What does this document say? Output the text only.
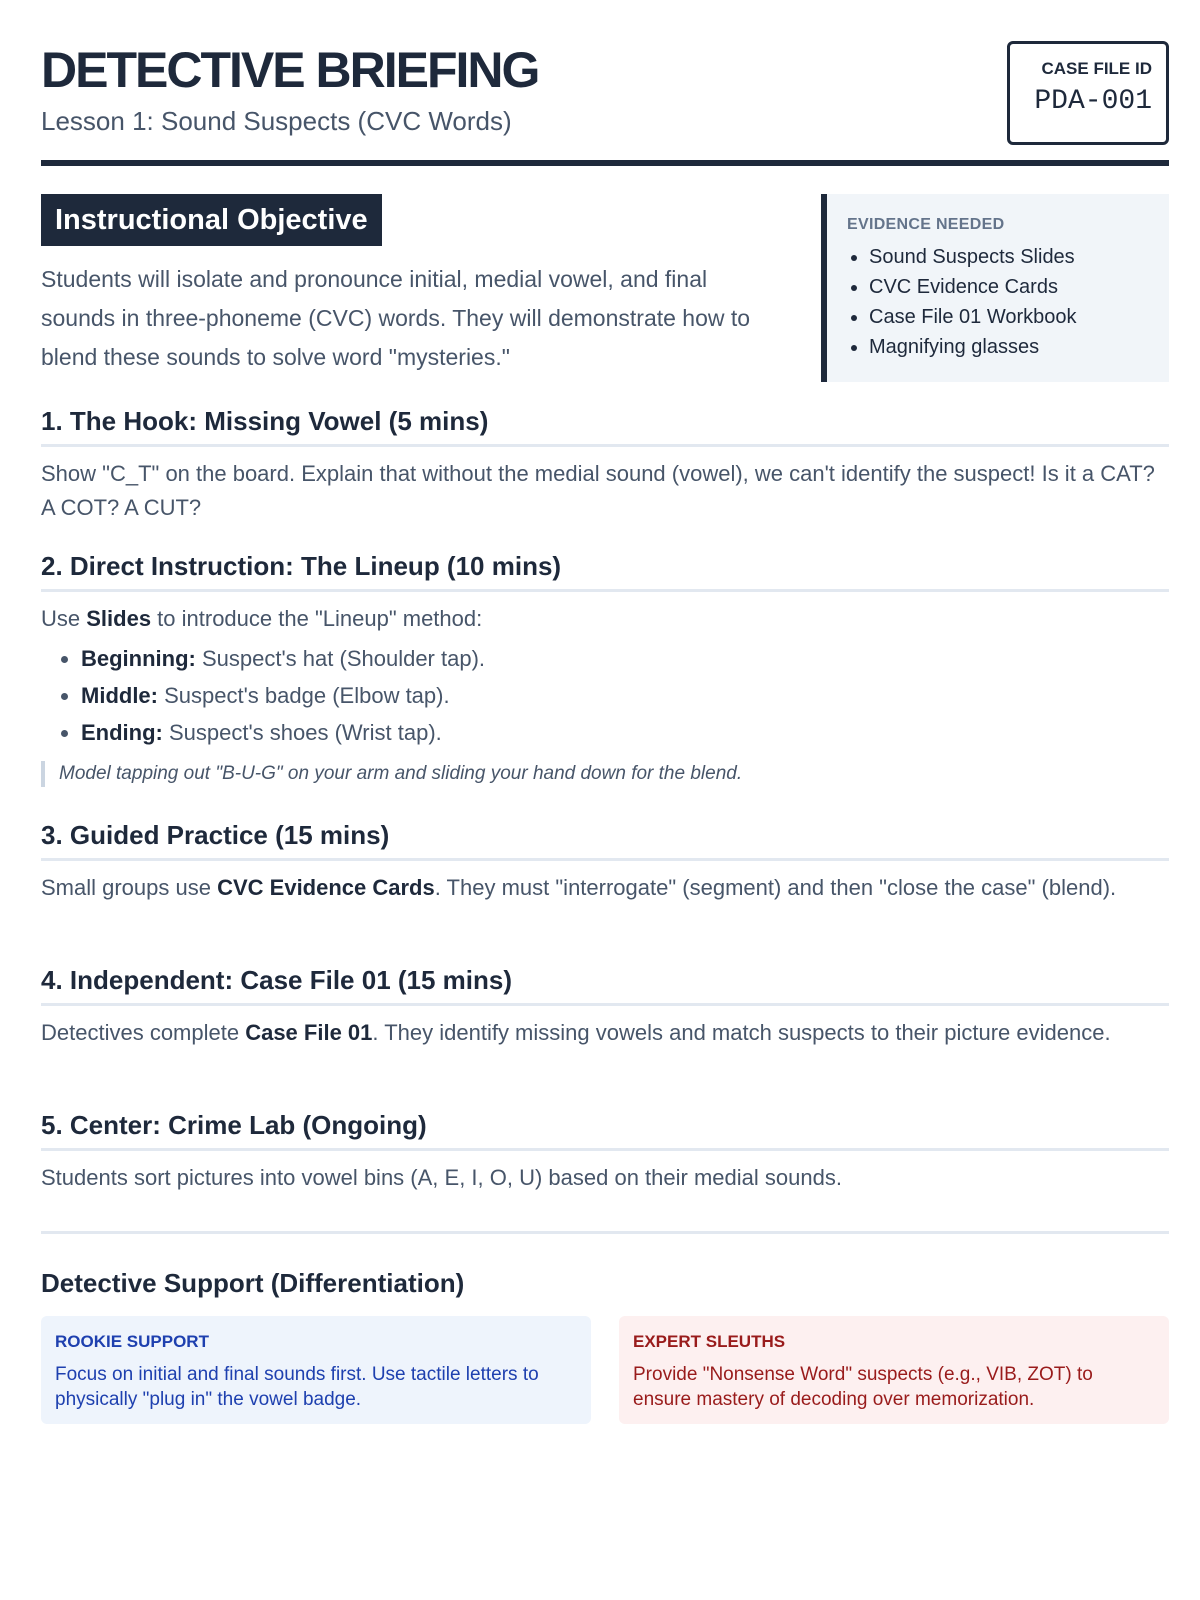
DETECTIVE BRIEFING

Lesson 1: Sound Suspects (CVC Words)

CASE FILE ID
PDA-001
Instructional Objective

Students will isolate and pronounce initial, medial vowel, and final sounds in three-phoneme (CVC) words. They will demonstrate how to blend these sounds to solve word "mysteries."

EVIDENCE NEEDED
• Sound Suspects Slides
• CVC Evidence Cards
• Case File 01 Workbook
• Magnifying glasses
1. The Hook: Missing Vowel (5 mins)

Show "C_T" on the board. Explain that without the medial sound (vowel), we can't identify the suspect! Is it a CAT? A COT? A CUT?

2. Direct Instruction: The Lineup (10 mins)

Use Slides to introduce the "Lineup" method:

• Beginning: Suspect's hat (Shoulder tap).
• Middle: Suspect's badge (Elbow tap).
• Ending: Suspect's shoes (Wrist tap).

Model tapping out "B-U-G" on your arm and sliding your hand down for the blend.

3. Guided Practice (15 mins)

Small groups use CVC Evidence Cards. They must "interrogate" (segment) and then "close the case" (blend).

4. Independent: Case File 01 (15 mins)

Detectives complete Case File 01. They identify missing vowels and match suspects to their picture evidence.

5. Center: Crime Lab (Ongoing)

Students sort pictures into vowel bins (A, E, I, O, U) based on their medial sounds.

Detective Support (Differentiation)
ROOKIE SUPPORT
Focus on initial and final sounds first. Use tactile letters to physically "plug in" the vowel badge.
EXPERT SLEUTHS
Provide "Nonsense Word" suspects (e.g., VIB, ZOT) to ensure mastery of decoding over memorization.
